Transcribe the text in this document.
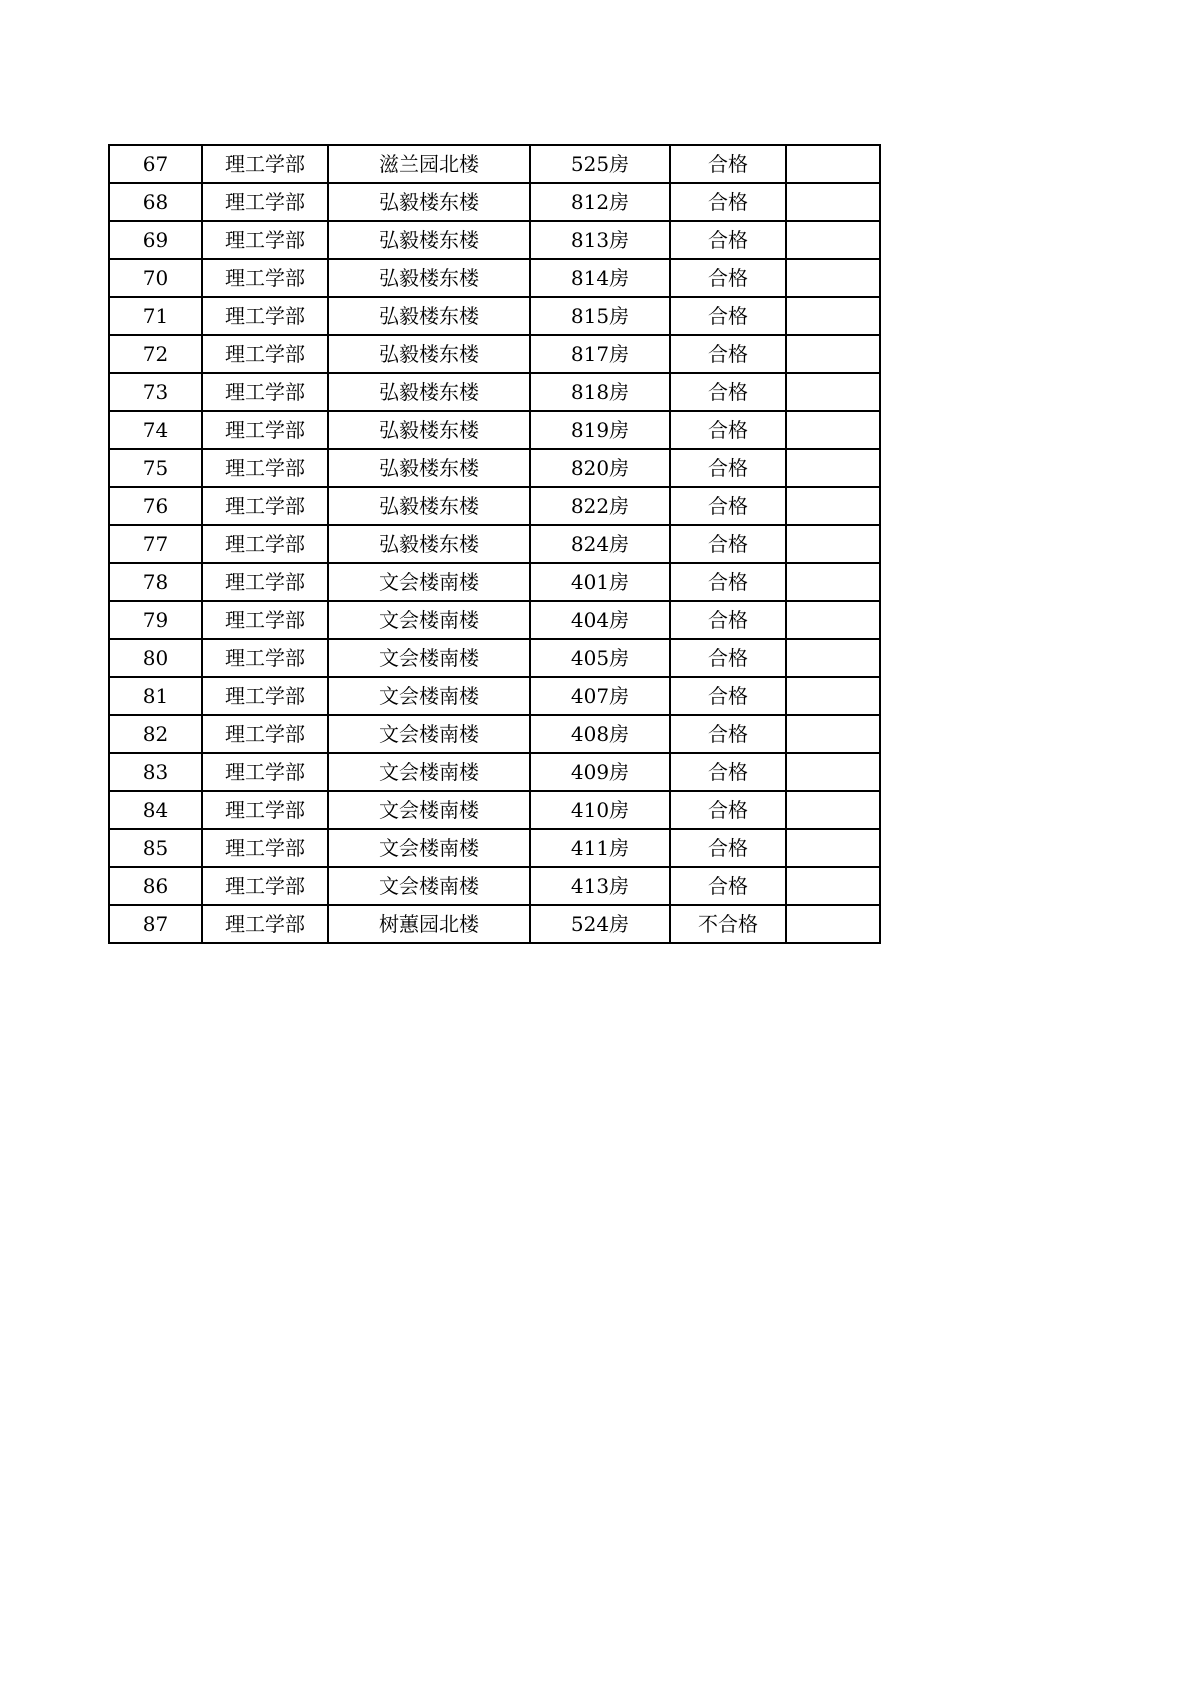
67	理工学部	滋兰园北楼	525房	合格	
68	理工学部	弘毅楼东楼	812房	合格	
69	理工学部	弘毅楼东楼	813房	合格	
70	理工学部	弘毅楼东楼	814房	合格	
71	理工学部	弘毅楼东楼	815房	合格	
72	理工学部	弘毅楼东楼	817房	合格	
73	理工学部	弘毅楼东楼	818房	合格	
74	理工学部	弘毅楼东楼	819房	合格	
75	理工学部	弘毅楼东楼	820房	合格	
76	理工学部	弘毅楼东楼	822房	合格	
77	理工学部	弘毅楼东楼	824房	合格	
78	理工学部	文会楼南楼	401房	合格	
79	理工学部	文会楼南楼	404房	合格	
80	理工学部	文会楼南楼	405房	合格	
81	理工学部	文会楼南楼	407房	合格	
82	理工学部	文会楼南楼	408房	合格	
83	理工学部	文会楼南楼	409房	合格	
84	理工学部	文会楼南楼	410房	合格	
85	理工学部	文会楼南楼	411房	合格	
86	理工学部	文会楼南楼	413房	合格	
87	理工学部	树蕙园北楼	524房	不合格	
